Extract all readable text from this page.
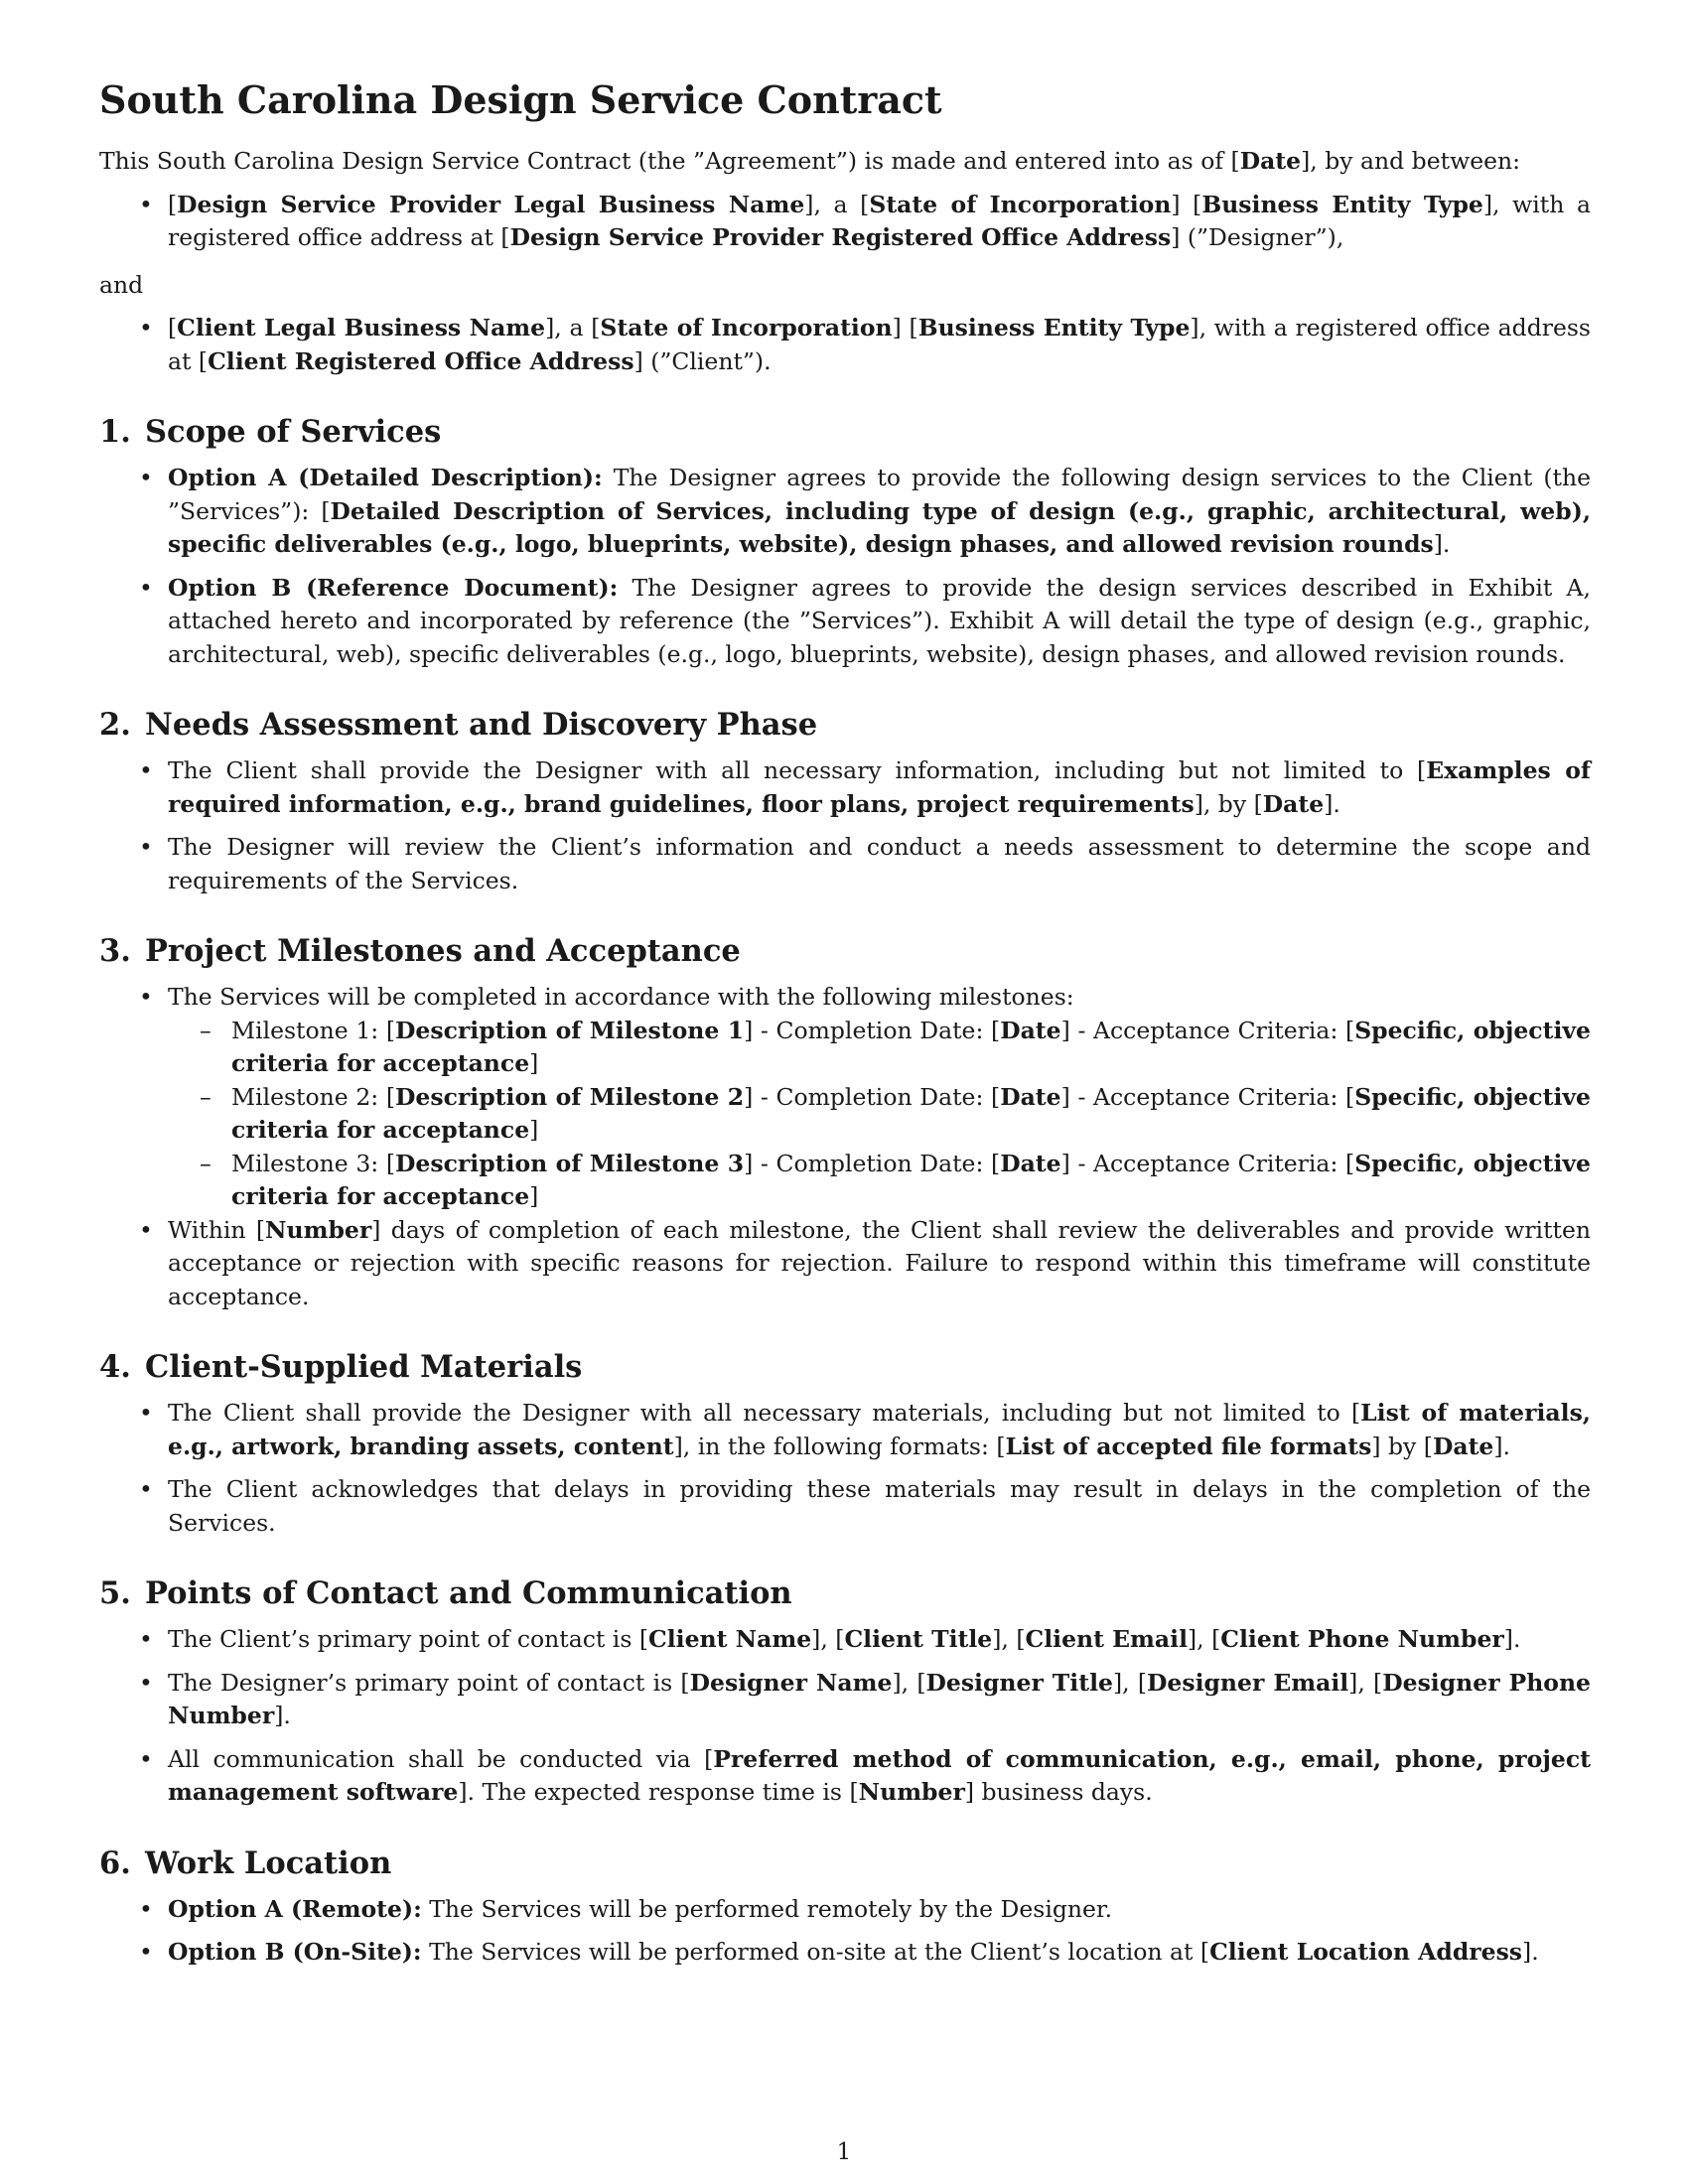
South Carolina Design Service Contract

This South Carolina Design Service Contract (the ”Agreement”) is made and entered into as of [Date], by and between:

• [Design Service Provider Legal Business Name], a [State of Incorporation] [Business Entity Type], with a registered office address at [Design Service Provider Registered Office Address] (”Designer”),

and

• [Client Legal Business Name], a [State of Incorporation] [Business Entity Type], with a registered office address at [Client Registered Office Address] (”Client”).
1. Scope of Services
• Option A (Detailed Description): The Designer agrees to provide the following design services to the Client (the ”Services”): [Detailed Description of Services, including type of design (e.g., graphic, architectural, web), specific deliverables (e.g., logo, blueprints, website), design phases, and allowed revision rounds].
• Option B (Reference Document): The Designer agrees to provide the design services described in Exhibit A, attached hereto and incorporated by reference (the ”Services”). Exhibit A will detail the type of design (e.g., graphic, architectural, web), specific deliverables (e.g., logo, blueprints, website), design phases, and allowed revision rounds.
2. Needs Assessment and Discovery Phase
• The Client shall provide the Designer with all necessary information, including but not limited to [Examples of required information, e.g., brand guidelines, floor plans, project requirements], by [Date].
• The Designer will review the Client’s information and conduct a needs assessment to determine the scope and requirements of the Services.
3. Project Milestones and Acceptance
• The Services will be completed in accordance with the following milestones:
– Milestone 1: [Description of Milestone 1] - Completion Date: [Date] - Acceptance Criteria: [Specific, objective criteria for acceptance]
– Milestone 2: [Description of Milestone 2] - Completion Date: [Date] - Acceptance Criteria: [Specific, objective criteria for acceptance]
– Milestone 3: [Description of Milestone 3] - Completion Date: [Date] - Acceptance Criteria: [Specific, objective criteria for acceptance]
• Within [Number] days of completion of each milestone, the Client shall review the deliverables and provide written acceptance or rejection with specific reasons for rejection. Failure to respond within this timeframe will constitute acceptance.
4. Client-Supplied Materials
• The Client shall provide the Designer with all necessary materials, including but not limited to [List of materials, e.g., artwork, branding assets, content], in the following formats: [List of accepted file formats] by [Date].
• The Client acknowledges that delays in providing these materials may result in delays in the completion of the Services.
5. Points of Contact and Communication
• The Client’s primary point of contact is [Client Name], [Client Title], [Client Email], [Client Phone Number].
• The Designer’s primary point of contact is [Designer Name], [Designer Title], [Designer Email], [Designer Phone Number].
• All communication shall be conducted via [Preferred method of communication, e.g., email, phone, project management software]. The expected response time is [Number] business days.
6. Work Location
• Option A (Remote): The Services will be performed remotely by the Designer.
• Option B (On-Site): The Services will be performed on-site at the Client’s location at [Client Location Address].
1
